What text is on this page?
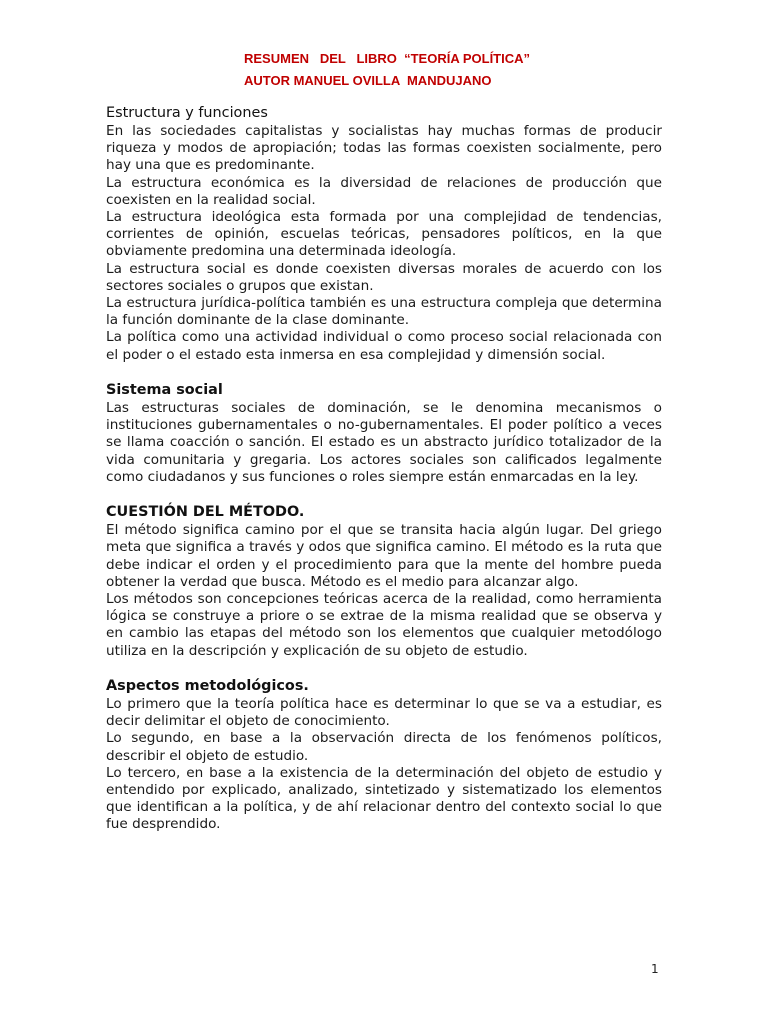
RESUMEN   DEL   LIBRO  “TEORÍA POLÍTICA”
AUTOR MANUEL OVILLA  MANDUJANO
Estructura y funciones

En las sociedades capitalistas y socialistas hay muchas formas de producir riqueza y modos de apropiación; todas las formas coexisten socialmente, pero hay una que es predominante.

La estructura económica es la diversidad de relaciones de producción que coexisten en la realidad social.

La estructura ideológica esta formada por una complejidad de tendencias, corrientes de opinión, escuelas teóricas, pensadores políticos, en la que obviamente predomina una determinada ideología.

La estructura social es donde coexisten diversas morales de acuerdo con los sectores sociales o grupos que existan.

La estructura jurídica-política también es una estructura compleja que determina la función dominante de la clase dominante.

La política como una actividad individual o como proceso social relacionada con el poder o el estado esta inmersa en esa complejidad y dimensión social.

Sistema social

Las estructuras sociales de dominación, se le denomina mecanismos o instituciones gubernamentales o no-gubernamentales. El poder político a veces se llama coacción o sanción. El estado es un abstracto jurídico totalizador de la vida comunitaria y gregaria. Los actores sociales son calificados legalmente como ciudadanos y sus funciones o roles siempre están enmarcadas en la ley.

CUESTIÓN DEL MÉTODO.

El método significa camino por el que se transita hacia algún lugar. Del griego meta que significa a través y odos que significa camino. El método es la ruta que debe indicar el orden y el procedimiento para que la mente del hombre pueda obtener la verdad que busca. Método es el medio para alcanzar algo.

Los métodos son concepciones teóricas acerca de la realidad, como herramienta lógica se construye a priore o se extrae de la misma realidad que se observa y en cambio las etapas del método son los elementos que cualquier metodólogo utiliza en la descripción y explicación de su objeto de estudio.

Aspectos metodológicos.

Lo primero que la teoría política hace es determinar lo que se va a estudiar, es decir delimitar el objeto de conocimiento.

Lo segundo, en base a la observación directa de los fenómenos políticos, describir el objeto de estudio.

Lo tercero, en base a la existencia de la determinación del objeto de estudio y entendido por explicado, analizado, sintetizado y sistematizado los elementos que identifican a la política, y de ahí relacionar dentro del contexto social lo que fue desprendido.

1
